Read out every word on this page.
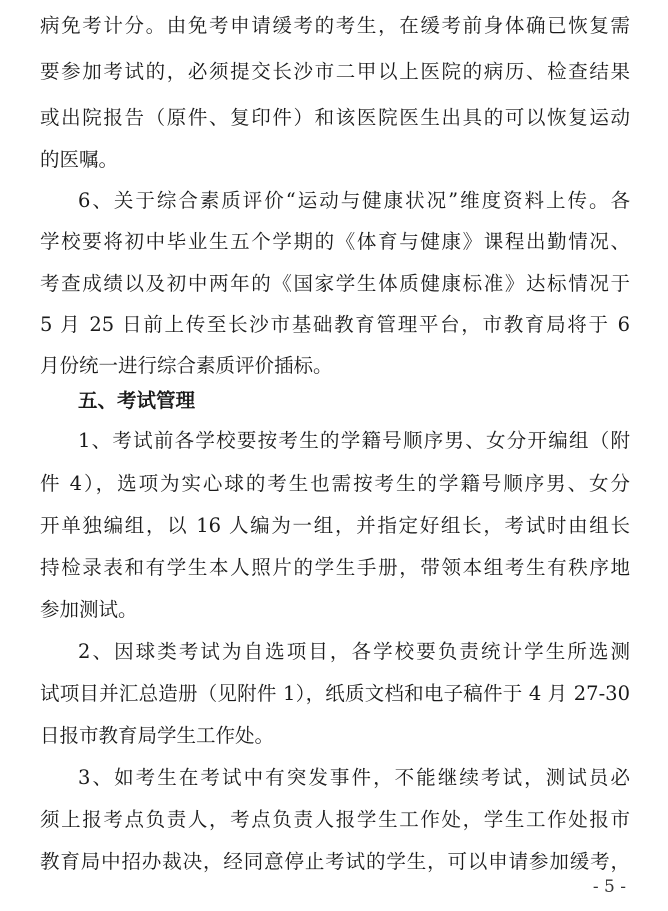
病免考计分。由免考申请缓考的考生，在缓考前身体确已恢复需
要参加考试的，必须提交长沙市二甲以上医院的病历、检查结果
或出院报告（原件、复印件）和该医院医生出具的可以恢复运动
的医嘱。
6、关于综合素质评价“运动与健康状况”维度资料上传。各
学校要将初中毕业生五个学期的《体育与健康》课程出勤情况、
考查成绩以及初中两年的《国家学生体质健康标准》达标情况于
5 月 25 日前上传至长沙市基础教育管理平台，市教育局将于 6
月份统一进行综合素质评价插标。
五、考试管理
1、考试前各学校要按考生的学籍号顺序男、女分开编组（附
件 4），选项为实心球的考生也需按考生的学籍号顺序男、女分
开单独编组，以 16 人编为一组，并指定好组长，考试时由组长
持检录表和有学生本人照片的学生手册，带领本组考生有秩序地
参加测试。
2、因球类考试为自选项目，各学校要负责统计学生所选测
试项目并汇总造册（见附件 1），纸质文档和电子稿件于 4 月 27-30
日报市教育局学生工作处。
3、如考生在考试中有突发事件，不能继续考试，测试员必
须上报考点负责人，考点负责人报学生工作处，学生工作处报市
教育局中招办裁决，经同意停止考试的学生，可以申请参加缓考，
- 5 -
